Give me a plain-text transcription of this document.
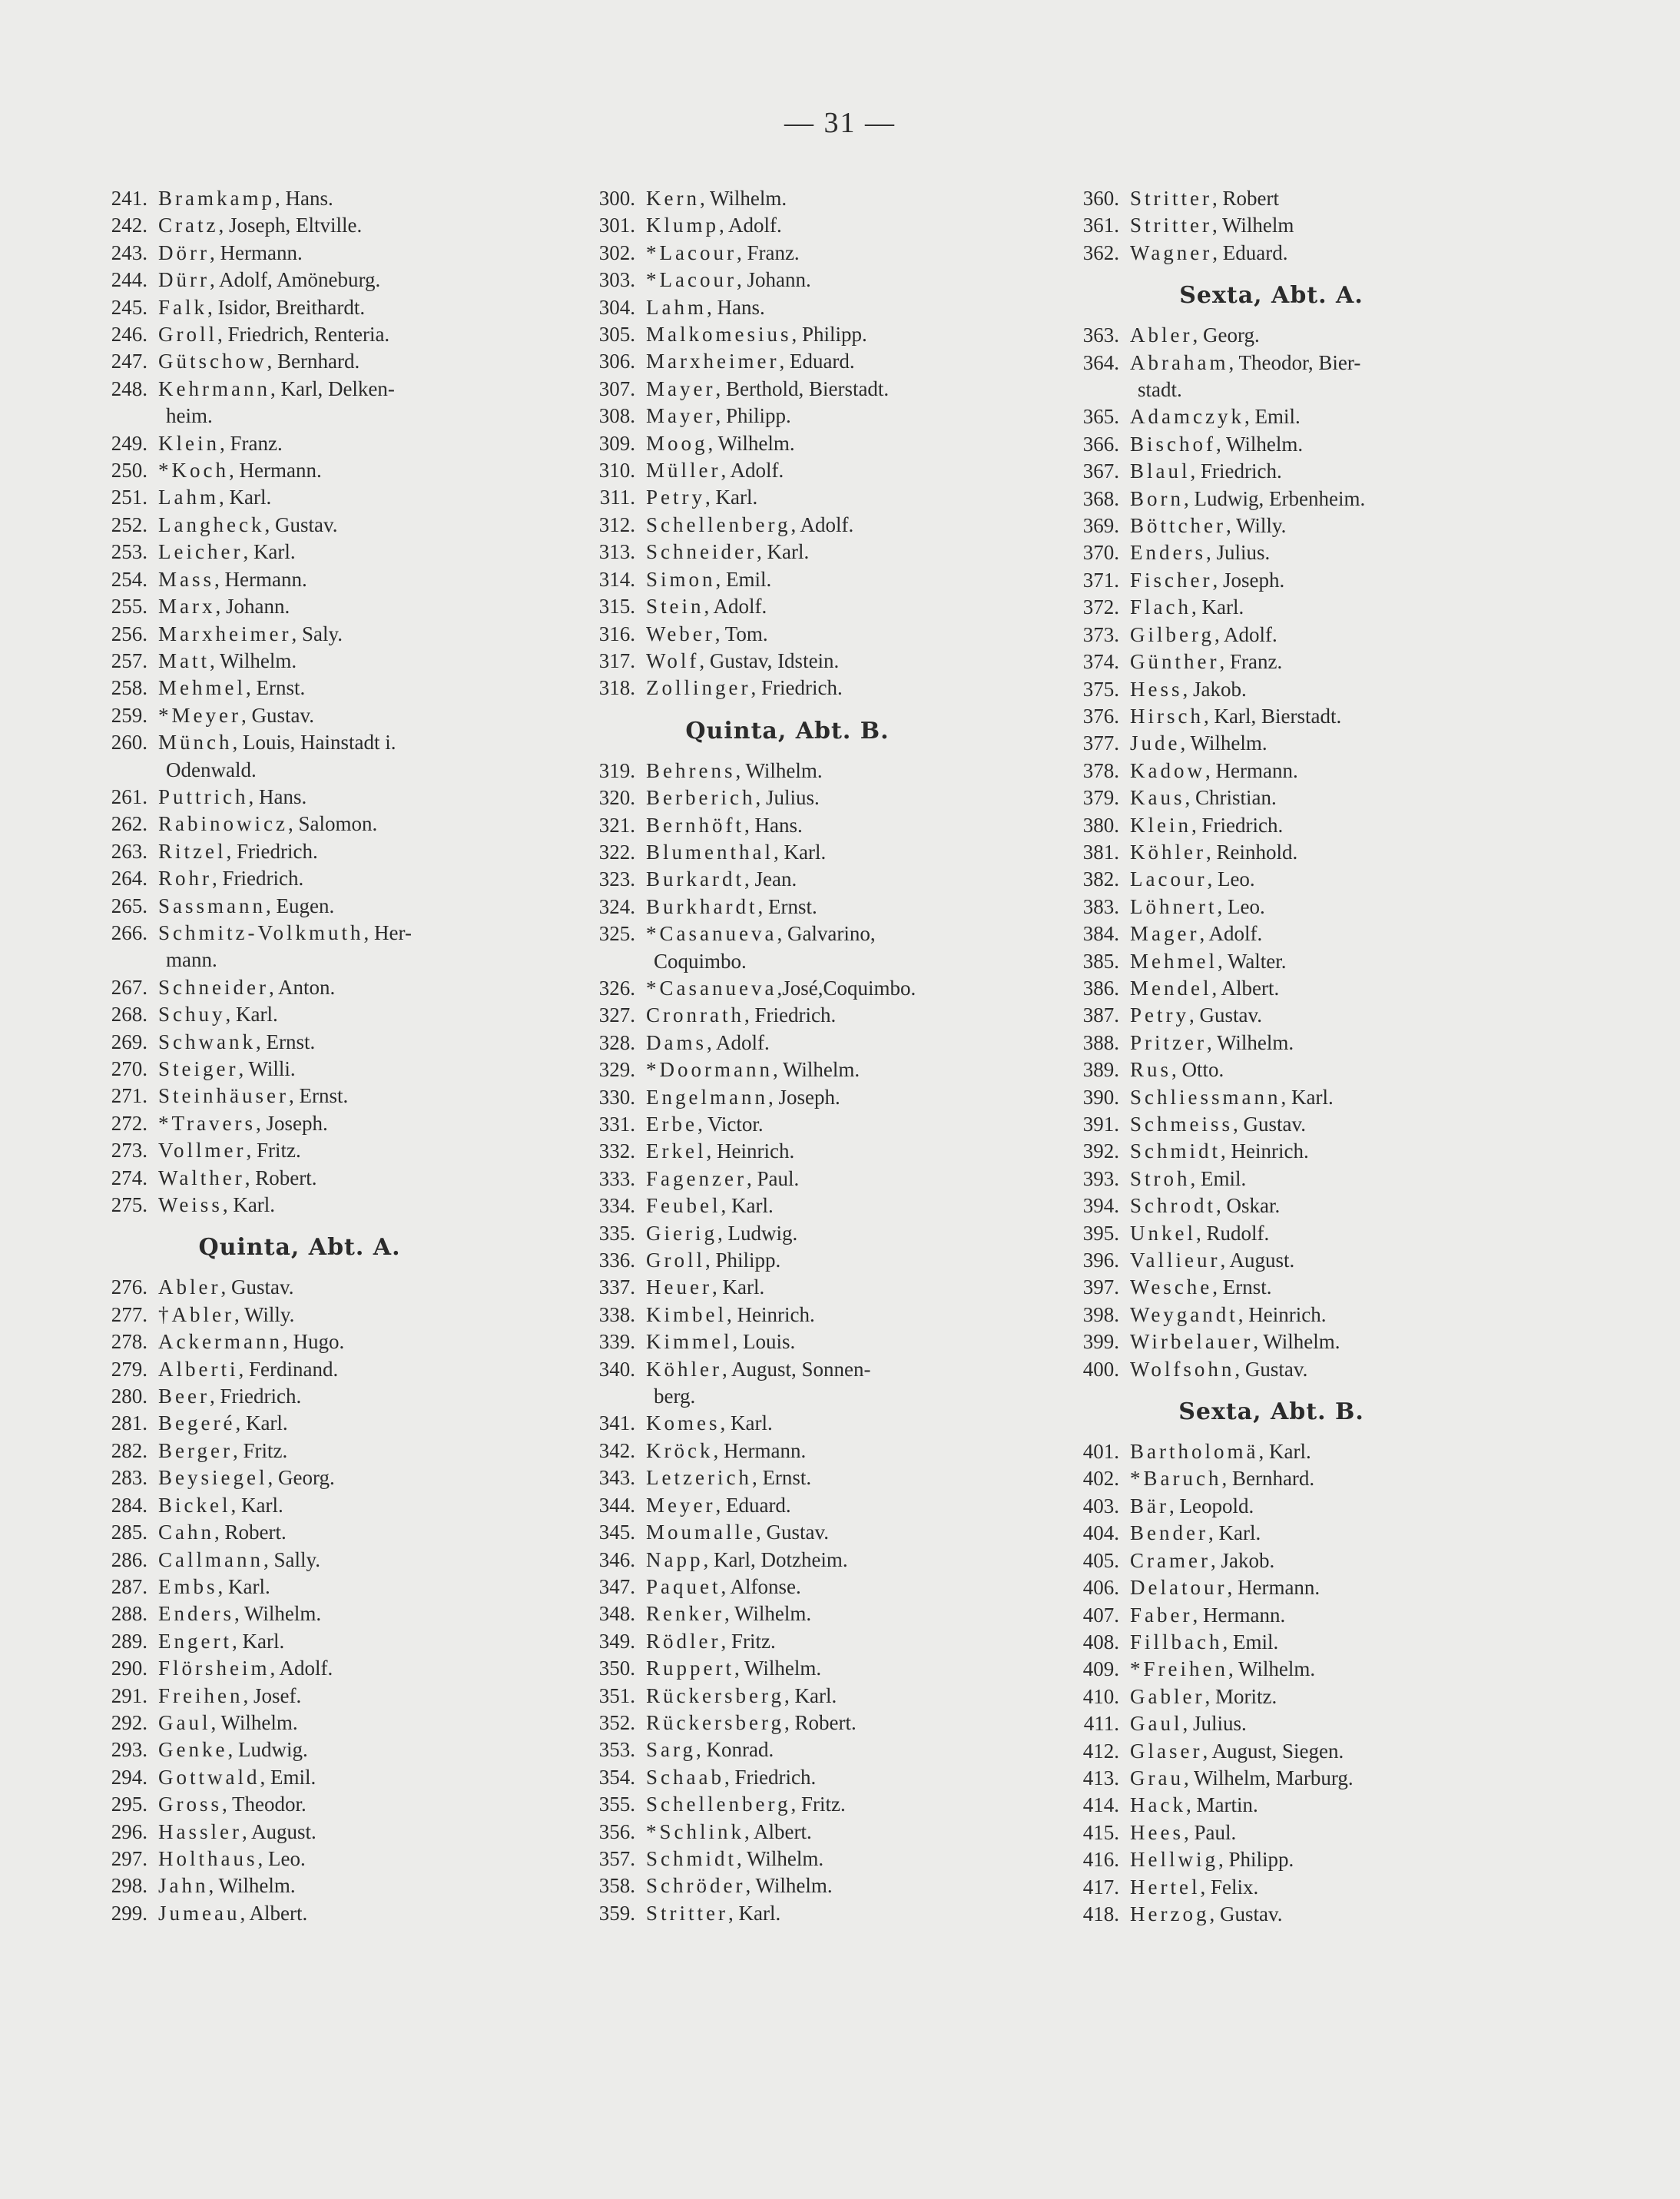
— 31 —
241. Bramkamp , Hans.
242. Cratz , Joseph, Eltville.
243. Dörr , Hermann.
244. Dürr , Adolf, Amöneburg.
245. Falk , Isidor, Breithardt.
246. Groll , Friedrich, Renteria.
247. Gütschow , Bernhard.
248. Kehrmann , Karl, Delken-
heim.
249. Klein , Franz.
250. *Koch , Hermann.
251. Lahm , Karl.
252. Langheck , Gustav.
253. Leicher , Karl.
254. Mass , Hermann.
255. Marx , Johann.
256. Marxheimer , Saly.
257. Matt , Wilhelm.
258. Mehmel , Ernst.
259. *Meyer , Gustav.
260. Münch , Louis, Hainstadt i.
Odenwald.
261. Puttrich , Hans.
262. Rabinowicz , Salomon.
263. Ritzel , Friedrich.
264. Rohr , Friedrich.
265. Sassmann , Eugen.
266. Schmitz-Volkmuth , Her-
mann.
267. Schneider , Anton.
268. Schuy , Karl.
269. Schwank , Ernst.
270. Steiger , Willi.
271. Steinhäuser , Ernst.
272. *Travers , Joseph.
273. Vollmer , Fritz.
274. Walther , Robert.
275. Weiss , Karl.
Quinta, Abt. A.
276. Abler , Gustav.
277. †Abler , Willy.
278. Ackermann , Hugo.
279. Alberti , Ferdinand.
280. Beer , Friedrich.
281. Begeré , Karl.
282. Berger , Fritz.
283. Beysiegel , Georg.
284. Bickel , Karl.
285. Cahn , Robert.
286. Callmann , Sally.
287. Embs , Karl.
288. Enders , Wilhelm.
289. Engert , Karl.
290. Flörsheim , Adolf.
291. Freihen , Josef.
292. Gaul , Wilhelm.
293. Genke , Ludwig.
294. Gottwald , Emil.
295. Gross , Theodor.
296. Hassler , August.
297. Holthaus , Leo.
298. Jahn , Wilhelm.
299. Jumeau , Albert.
300. Kern , Wilhelm.
301. Klump , Adolf.
302. *Lacour , Franz.
303. *Lacour , Johann.
304. Lahm , Hans.
305. Malkomesius , Philipp.
306. Marxheimer , Eduard.
307. Mayer , Berthold, Bierstadt.
308. Mayer , Philipp.
309. Moog , Wilhelm.
310. Müller , Adolf.
311. Petry , Karl.
312. Schellenberg , Adolf.
313. Schneider , Karl.
314. Simon , Emil.
315. Stein , Adolf.
316. Weber , Tom.
317. Wolf , Gustav, Idstein.
318. Zollinger , Friedrich.
Quinta, Abt. B.
319. Behrens , Wilhelm.
320. Berberich , Julius.
321. Bernhöft , Hans.
322. Blumenthal , Karl.
323. Burkardt , Jean.
324. Burkhardt , Ernst.
325. *Casanueva , Galvarino,
Coquimbo.
326. *Casanueva ,José,Coquimbo.
327. Cronrath , Friedrich.
328. Dams , Adolf.
329. *Doormann , Wilhelm.
330. Engelmann , Joseph.
331. Erbe , Victor.
332. Erkel , Heinrich.
333. Fagenzer , Paul.
334. Feubel , Karl.
335. Gierig , Ludwig.
336. Groll , Philipp.
337. Heuer , Karl.
338. Kimbel , Heinrich.
339. Kimmel , Louis.
340. Köhler , August, Sonnen-
berg.
341. Komes , Karl.
342. Kröck , Hermann.
343. Letzerich , Ernst.
344. Meyer , Eduard.
345. Moumalle , Gustav.
346. Napp , Karl, Dotzheim.
347. Paquet , Alfonse.
348. Renker , Wilhelm.
349. Rödler , Fritz.
350. Ruppert , Wilhelm.
351. Rückersberg , Karl.
352. Rückersberg , Robert.
353. Sarg , Konrad.
354. Schaab , Friedrich.
355. Schellenberg , Fritz.
356. *Schlink , Albert.
357. Schmidt , Wilhelm.
358. Schröder , Wilhelm.
359. Stritter , Karl.
360. Stritter , Robert
361. Stritter , Wilhelm
362. Wagner , Eduard.
Sexta, Abt. A.
363. Abler , Georg.
364. Abraham , Theodor, Bier-
stadt.
365. Adamczyk , Emil.
366. Bischof , Wilhelm.
367. Blaul , Friedrich.
368. Born , Ludwig, Erbenheim.
369. Böttcher , Willy.
370. Enders , Julius.
371. Fischer , Joseph.
372. Flach , Karl.
373. Gilberg , Adolf.
374. Günther , Franz.
375. Hess , Jakob.
376. Hirsch , Karl, Bierstadt.
377. Jude , Wilhelm.
378. Kadow , Hermann.
379. Kaus , Christian.
380. Klein , Friedrich.
381. Köhler , Reinhold.
382. Lacour , Leo.
383. Löhnert , Leo.
384. Mager , Adolf.
385. Mehmel , Walter.
386. Mendel , Albert.
387. Petry , Gustav.
388. Pritzer , Wilhelm.
389. Rus , Otto.
390. Schliessmann , Karl.
391. Schmeiss , Gustav.
392. Schmidt , Heinrich.
393. Stroh , Emil.
394. Schrodt , Oskar.
395. Unkel , Rudolf.
396. Vallieur , August.
397. Wesche , Ernst.
398. Weygandt , Heinrich.
399. Wirbelauer , Wilhelm.
400. Wolfsohn , Gustav.
Sexta, Abt. B.
401. Bartholomä , Karl.
402. *Baruch , Bernhard.
403. Bär , Leopold.
404. Bender , Karl.
405. Cramer , Jakob.
406. Delatour , Hermann.
407. Faber , Hermann.
408. Fillbach , Emil.
409. *Freihen , Wilhelm.
410. Gabler , Moritz.
411. Gaul , Julius.
412. Glaser , August, Siegen.
413. Grau , Wilhelm, Marburg.
414. Hack , Martin.
415. Hees , Paul.
416. Hellwig , Philipp.
417. Hertel , Felix.
418. Herzog , Gustav.
